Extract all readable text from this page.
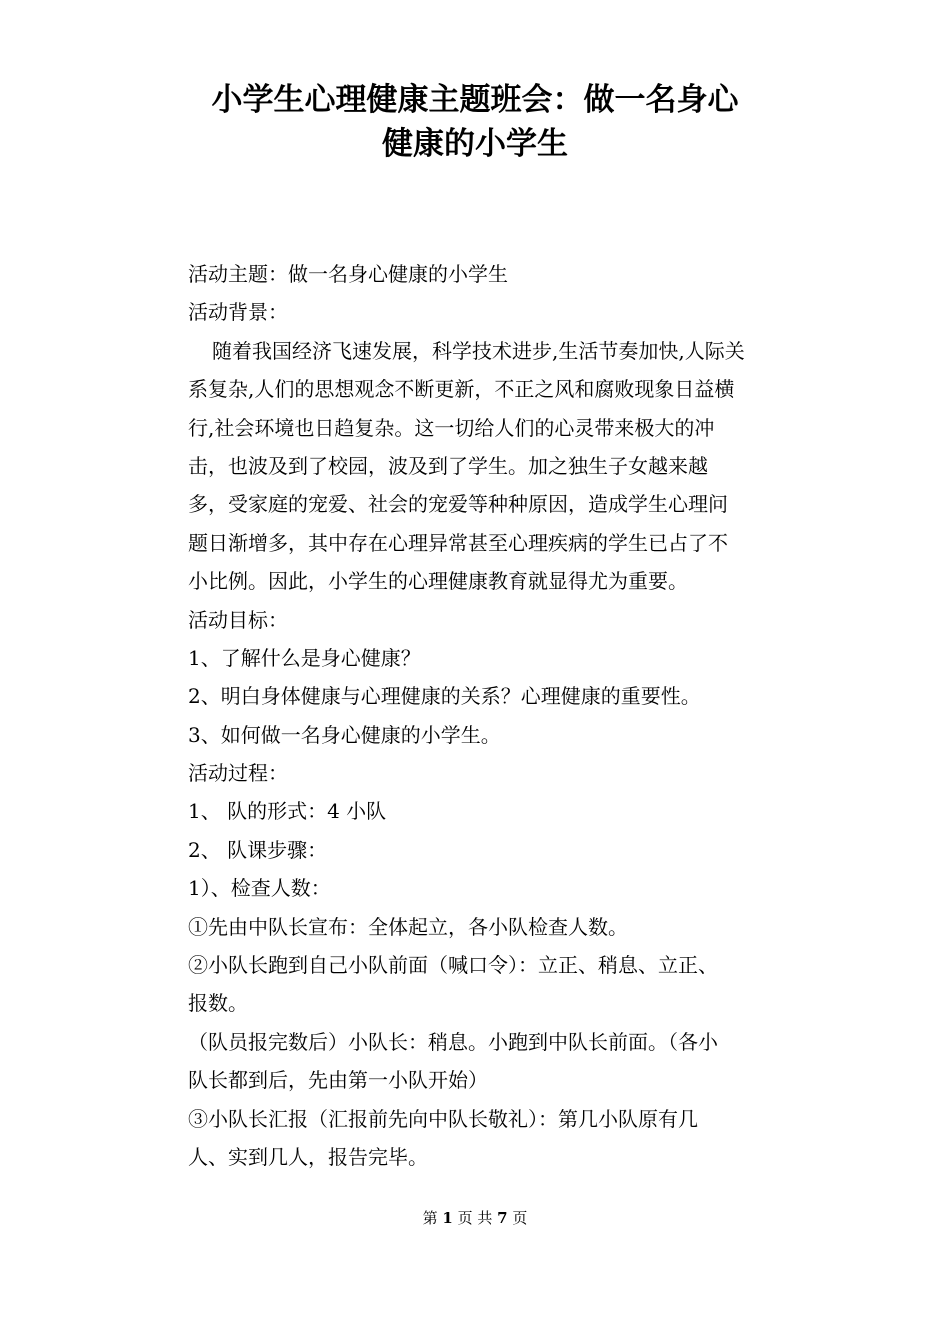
小学生心理健康主题班会：做一名身心
健康的小学生
活动主题：做一名身心健康的小学生
活动背景：
随着我国经济飞速发展，科学技术进步,生活节奏加快,人际关
系复杂,人们的思想观念不断更新，不正之风和腐败现象日益横
行,社会环境也日趋复杂。这一切给人们的心灵带来极大的冲
击，也波及到了校园，波及到了学生。加之独生子女越来越
多，受家庭的宠爱、社会的宠爱等种种原因，造成学生心理问
题日渐增多，其中存在心理异常甚至心理疾病的学生已占了不
小比例。因此，小学生的心理健康教育就显得尤为重要。
活动目标：
1、了解什么是身心健康？
2、明白身体健康与心理健康的关系？心理健康的重要性。
3、如何做一名身心健康的小学生。
活动过程：
1、 队的形式：4 小队
2、 队课步骤：
1）、检查人数：
①先由中队长宣布：全体起立，各小队检查人数。
②小队长跑到自己小队前面（喊口令）：立正、稍息、立正、
报数。
（队员报完数后）小队长：稍息。小跑到中队长前面。（各小
队长都到后，先由第一小队开始）
③小队长汇报（汇报前先向中队长敬礼）：第几小队原有几
人、实到几人，报告完毕。
第 1 页 共 7 页
